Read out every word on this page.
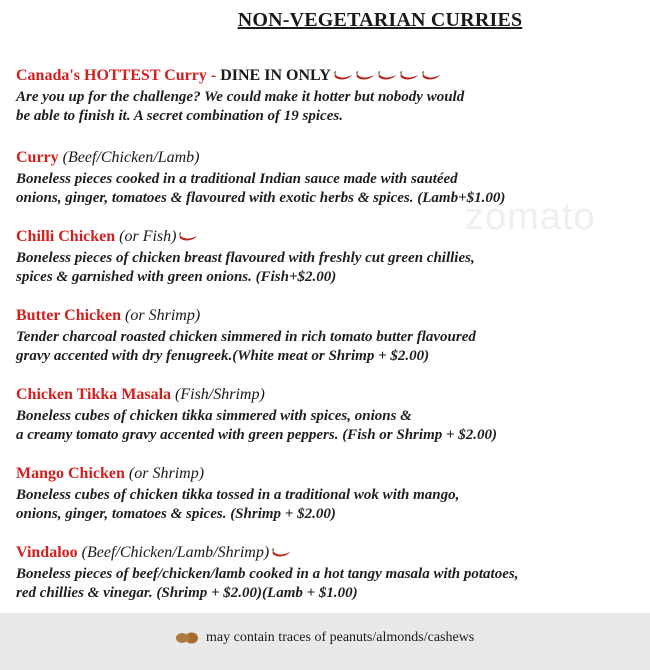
NON-VEGETARIAN CURRIES
zomato
Canada's HOTTEST Curry - DINE IN ONLY
Are you up for the challenge? We could make it hotter but nobody would
be able to finish it. A secret combination of 19 spices.
Curry (Beef/Chicken/Lamb)
Boneless pieces cooked in a traditional Indian sauce made with sautéed
onions, ginger, tomatoes & flavoured with exotic herbs & spices. (Lamb+$1.00)
Chilli Chicken (or Fish)
Boneless pieces of chicken breast flavoured with freshly cut green chillies,
spices & garnished with green onions. (Fish+$2.00)
Butter Chicken (or Shrimp)
Tender charcoal roasted chicken simmered in rich tomato butter flavoured
gravy accented with dry fenugreek.(White meat or Shrimp + $2.00)
Chicken Tikka Masala (Fish/Shrimp)
Boneless cubes of chicken tikka simmered with spices, onions &
a creamy tomato gravy accented with green peppers. (Fish or Shrimp + $2.00)
Mango Chicken (or Shrimp)
Boneless cubes of chicken tikka tossed in a traditional wok with mango,
onions, ginger, tomatoes & spices. (Shrimp + $2.00)
Vindaloo (Beef/Chicken/Lamb/Shrimp)
Boneless pieces of beef/chicken/lamb cooked in a hot tangy masala with potatoes,
red chillies & vinegar. (Shrimp + $2.00)(Lamb + $1.00)
may contain traces of peanuts/almonds/cashews
